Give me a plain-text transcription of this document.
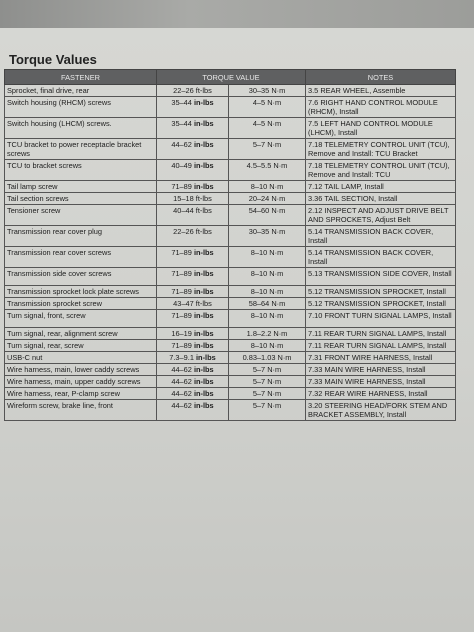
Torque Values
FASTENER	TORQUE VALUE		NOTES
Sprocket, final drive, rear	22–26 ft-lbs	30–35 N·m	3.5 REAR WHEEL, Assemble
Switch housing (RHCM) screws	35–44 in-lbs	4–5 N·m	7.6 RIGHT HAND CONTROL MODULE (RHCM), Install
Switch housing (LHCM) screws.	35–44 in-lbs	4–5 N·m	7.5 LEFT HAND CONTROL MODULE (LHCM), Install
TCU bracket to power receptacle bracket screws	44–62 in-lbs	5–7 N·m	7.18 TELEMETRY CONTROL UNIT (TCU), Remove and Install: TCU Bracket
TCU to bracket screws	40–49 in-lbs	4.5–5.5 N·m	7.18 TELEMETRY CONTROL UNIT (TCU), Remove and Install: TCU
Tail lamp screw	71–89 in-lbs	8–10 N·m	7.12 TAIL LAMP, Install
Tail section screws	15–18 ft-lbs	20–24 N·m	3.36 TAIL SECTION, Install
Tensioner screw	40–44 ft-lbs	54–60 N·m	2.12 INSPECT AND ADJUST DRIVE BELT AND SPROCKETS, Adjust Belt
Transmission rear cover plug	22–26 ft-lbs	30–35 N·m	5.14 TRANSMISSION BACK COVER, Install
Transmission rear cover screws	71–89 in-lbs	8–10 N·m	5.14 TRANSMISSION BACK COVER, Install
Transmission side cover screws	71–89 in-lbs	8–10 N·m	5.13 TRANSMISSION SIDE COVER, Install
Transmission sprocket lock plate screws	71–89 in-lbs	8–10 N·m	5.12 TRANSMISSION SPROCKET, Install
Transmission sprocket screw	43–47 ft-lbs	58–64 N·m	5.12 TRANSMISSION SPROCKET, Install
Turn signal, front, screw	71–89 in-lbs	8–10 N·m	7.10 FRONT TURN SIGNAL LAMPS, Install
Turn signal, rear, alignment screw	16–19 in-lbs	1.8–2.2 N·m	7.11 REAR TURN SIGNAL LAMPS, Install
Turn signal, rear, screw	71–89 in-lbs	8–10 N·m	7.11 REAR TURN SIGNAL LAMPS, Install
USB-C nut	7.3–9.1 in-lbs	0.83–1.03 N·m	7.31 FRONT WIRE HARNESS, Install
Wire harness, main, lower caddy screws	44–62 in-lbs	5–7 N·m	7.33 MAIN WIRE HARNESS, Install
Wire harness, main, upper caddy screws	44–62 in-lbs	5–7 N·m	7.33 MAIN WIRE HARNESS, Install
Wire harness, rear, P-clamp screw	44–62 in-lbs	5–7 N·m	7.32 REAR WIRE HARNESS, Install
Wireform screw, brake line, front	44–62 in-lbs	5–7 N·m	3.20 STEERING HEAD/FORK STEM AND BRACKET ASSEMBLY, Install
